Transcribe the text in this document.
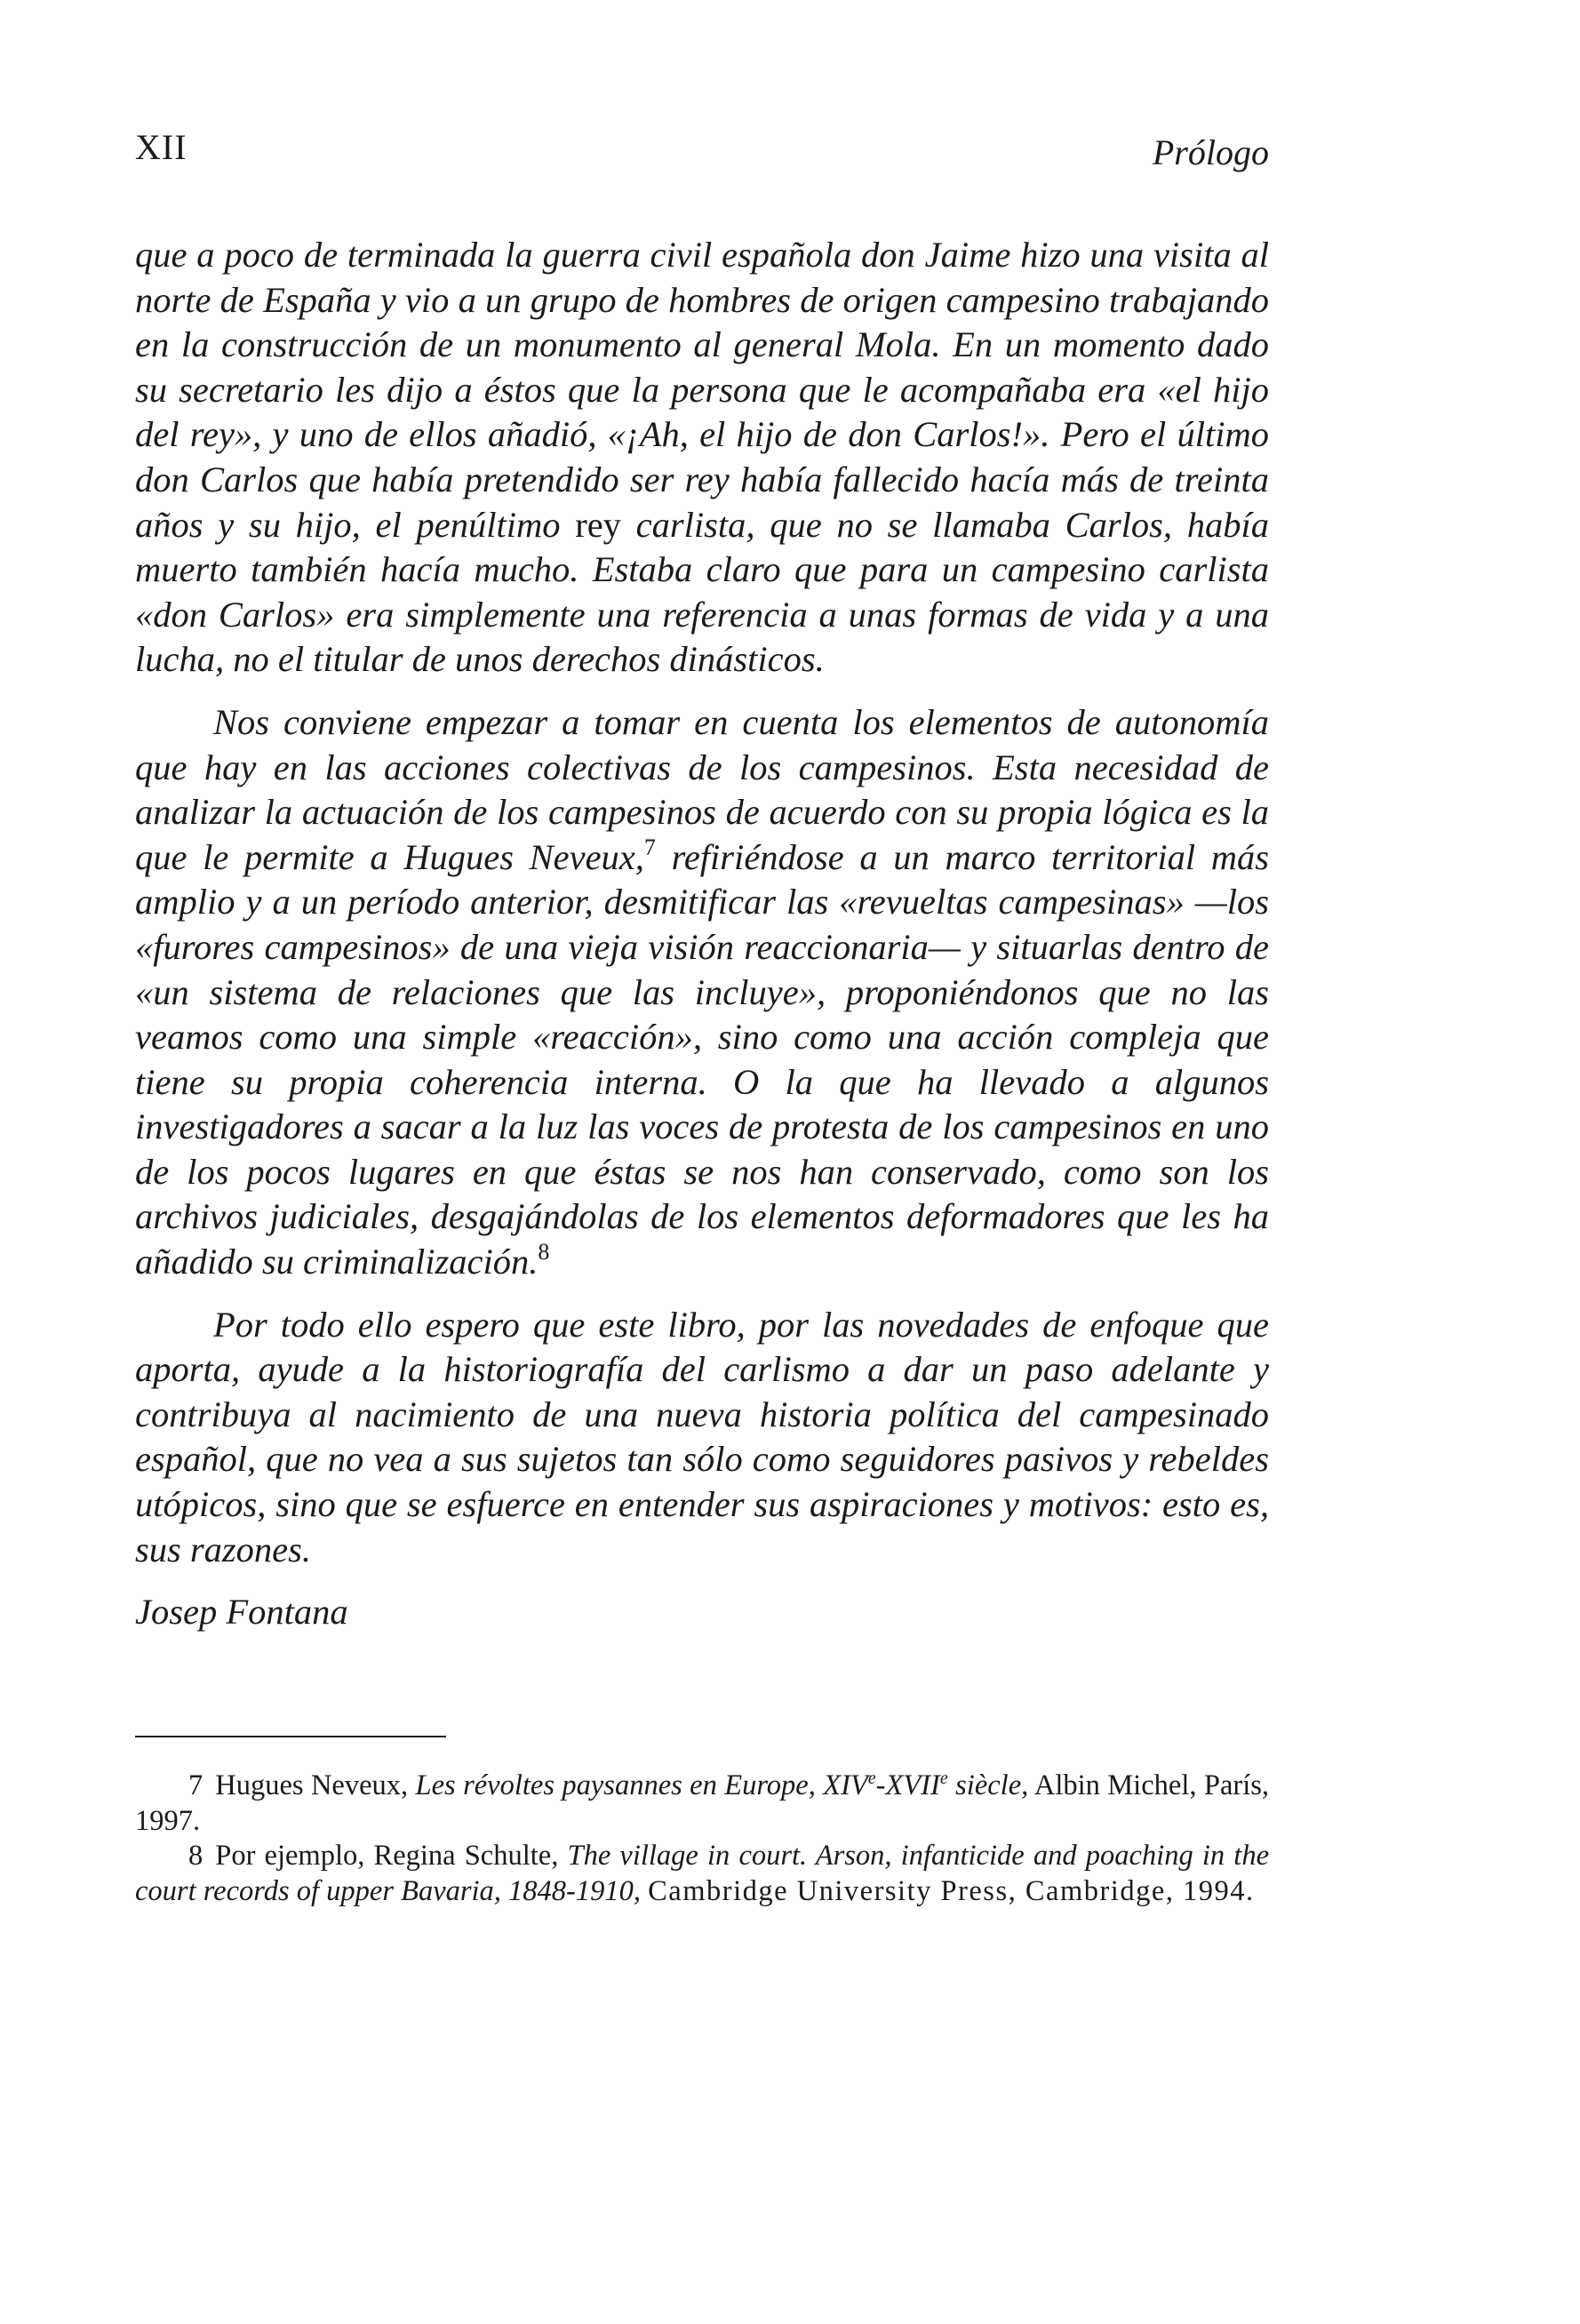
XII	Prólogo

que a poco de terminada la guerra civil española don Jaime hizo una visita al norte de España y vio a un grupo de hombres de origen campesino trabajando en la construcción de un monumento al general Mola. En un momento dado su secretario les dijo a éstos que la persona que le acompañaba era «el hijo del rey», y uno de ellos añadió, «¡Ah, el hijo de don Carlos!». Pero el último don Carlos que había pretendido ser rey había fallecido hacía más de treinta años y su hijo, el penúltimo rey carlista, que no se llamaba Carlos, había muerto también hacía mucho. Estaba claro que para un campesino carlista «don Carlos» era simplemente una referencia a unas formas de vida y a una lucha, no el titular de unos derechos dinásticos.

Nos conviene empezar a tomar en cuenta los elementos de autonomía que hay en las acciones colectivas de los campesinos. Esta necesidad de analizar la actuación de los campesinos de acuerdo con su propia lógica es la que le permite a Hugues Neveux,$^7$ refiriéndose a un marco territorial más amplio y a un período anterior, desmitificar las «revueltas campesinas» —los «furores campesinos» de una vieja visión reaccionaria— y situarlas dentro de «un sistema de relaciones que las incluye», proponiéndonos que no las veamos como una simple «reacción», sino como una acción compleja que tiene su propia coherencia interna. O la que ha llevado a algunos investigadores a sacar a la luz las voces de protesta de los campesinos en uno de los pocos lugares en que éstas se nos han conservado, como son los archivos judiciales, desgajándolas de los elementos deformadores que les ha añadido su criminalización.$^8$

Por todo ello espero que este libro, por las novedades de enfoque que aporta, ayude a la historiografía del carlismo a dar un paso adelante y contribuya al nacimiento de una nueva historia política del campesinado español, que no vea a sus sujetos tan sólo como seguidores pasivos y rebeldes utópicos, sino que se esfuerce en entender sus aspiraciones y motivos: esto es, sus razones.

Josep Fontana

7 Hugues Neveux, Les révoltes paysannes en Europe, XIVe-XVIIe siècle, Albin Michel, París, 1997.

8 Por ejemplo, Regina Schulte, The village in court. Arson, infanticide and poaching in the court records of upper Bavaria, 1848-1910, Cambridge University Press, Cambridge, 1994.
